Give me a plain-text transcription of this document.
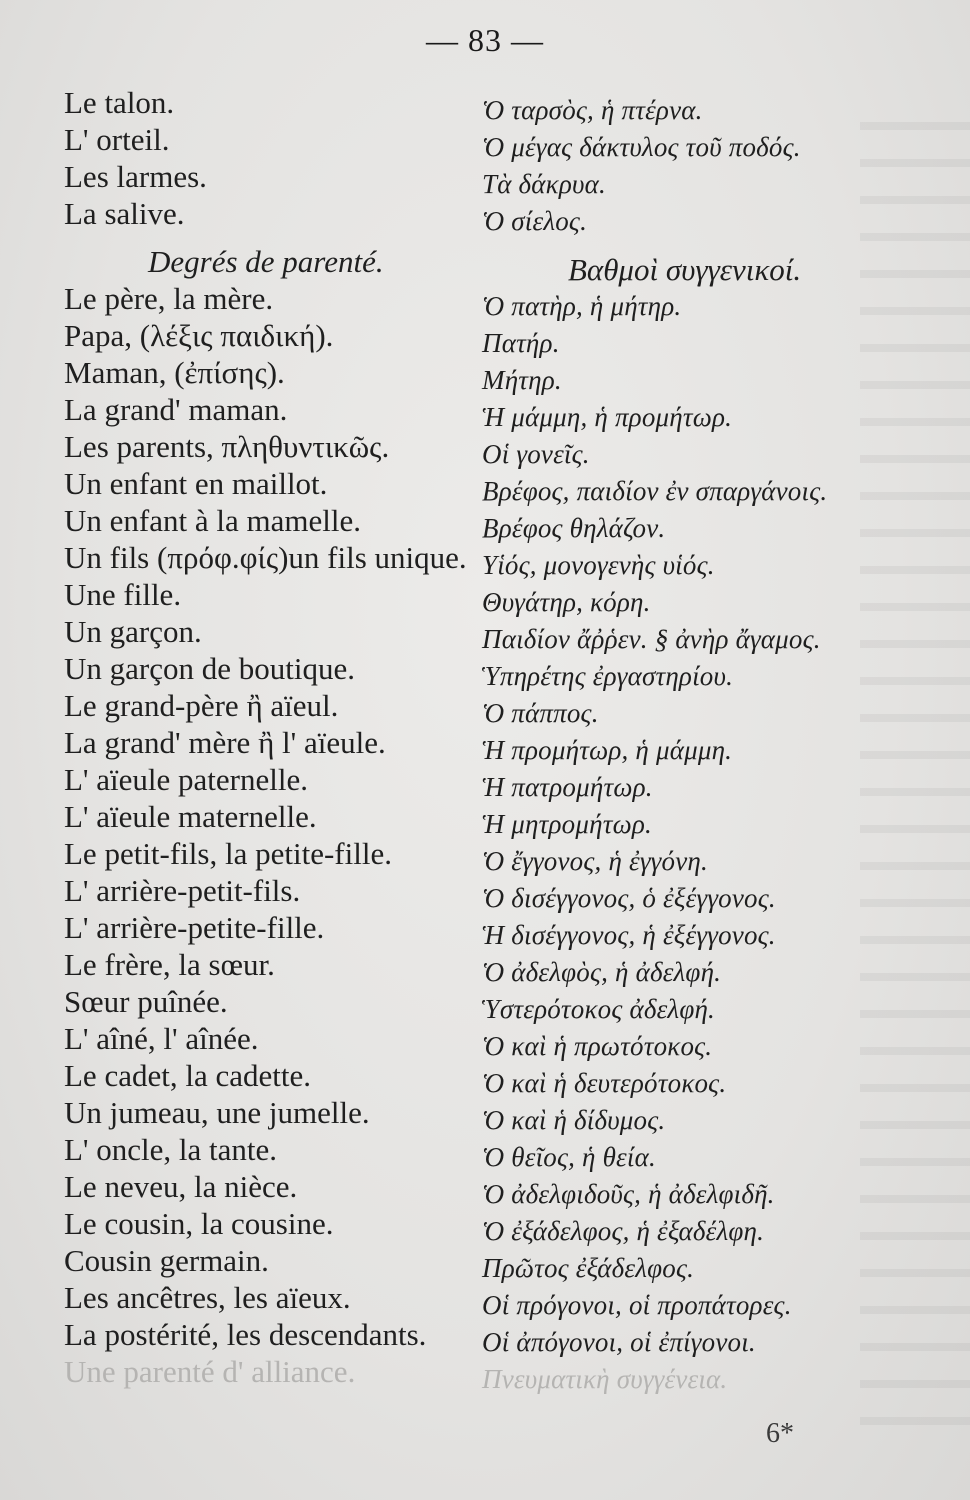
— 83 —
Le talon.
L' orteil.
Les larmes.
La salive.
Degrés de parenté.
Le père, la mère.
Papa, (λέξις παιδική).
Maman, (ἐπίσης).
La grand' maman.
Les parents, πληθυντικῶς.
Un enfant en maillot.
Un enfant à la mamelle.
Un fils (πρόφ.φίς)un fils unique.
Une fille.
Un garçon.
Un garçon de boutique.
Le grand-père ἢ aïeul.
La grand' mère ἢ l' aïeule.
L' aïeule paternelle.
L' aïeule maternelle.
Le petit-fils, la petite-fille.
L' arrière-petit-fils.
L' arrière-petite-fille.
Le frère, la sœur.
Sœur puînée.
L' aîné, l' aînée.
Le cadet, la cadette.
Un jumeau, une jumelle.
L' oncle, la tante.
Le neveu, la nièce.
Le cousin, la cousine.
Cousin germain.
Les ancêtres, les aïeux.
La postérité, les descendants.
Une parenté d' alliance.
Ὁ ταρσὸς, ἡ πτέρνα.
Ὁ μέγας δάκτυλος τοῦ ποδός.
Τὰ δάκρυα.
Ὁ σίελος.
Βαθμοὶ συγγενικοί.
Ὁ πατὴρ, ἡ μήτηρ.
Πατήρ.
Μήτηρ.
Ἡ μάμμη, ἡ προμήτωρ.
Οἱ γονεῖς.
Βρέφος, παιδίον ἐν σπαργάνοις.
Βρέφος θηλάζον.
Υἱός, μονογενὴς υἱός.
Θυγάτηρ, κόρη.
Παιδίον ἄῤῥεν. § ἀνὴρ ἄγαμος.
Ὑπηρέτης ἐργαστηρίου.
Ὁ πάππος.
Ἡ προμήτωρ, ἡ μάμμη.
Ἡ πατρομήτωρ.
Ἡ μητρομήτωρ.
Ὁ ἔγγονος, ἡ ἐγγόνη.
Ὁ δισέγγονος, ὁ ἐξέγγονος.
Ἡ δισέγγονος, ἡ ἐξέγγονος.
Ὁ ἀδελφὸς, ἡ ἀδελφή.
Ὑστερότοκος ἀδελφή.
Ὁ καὶ ἡ πρωτότοκος.
Ὁ καὶ ἡ δευτερότοκος.
Ὁ καὶ ἡ δίδυμος.
Ὁ θεῖος, ἡ θεία.
Ὁ ἀδελφιδοῦς, ἡ ἀδελφιδῆ.
Ὁ ἐξάδελφος, ἡ ἐξαδέλφη.
Πρῶτος ἐξάδελφος.
Οἱ πρόγονοι, οἱ προπάτορες.
Οἱ ἀπόγονοι, οἱ ἐπίγονοι.
Πνευματικὴ συγγένεια.
6*
